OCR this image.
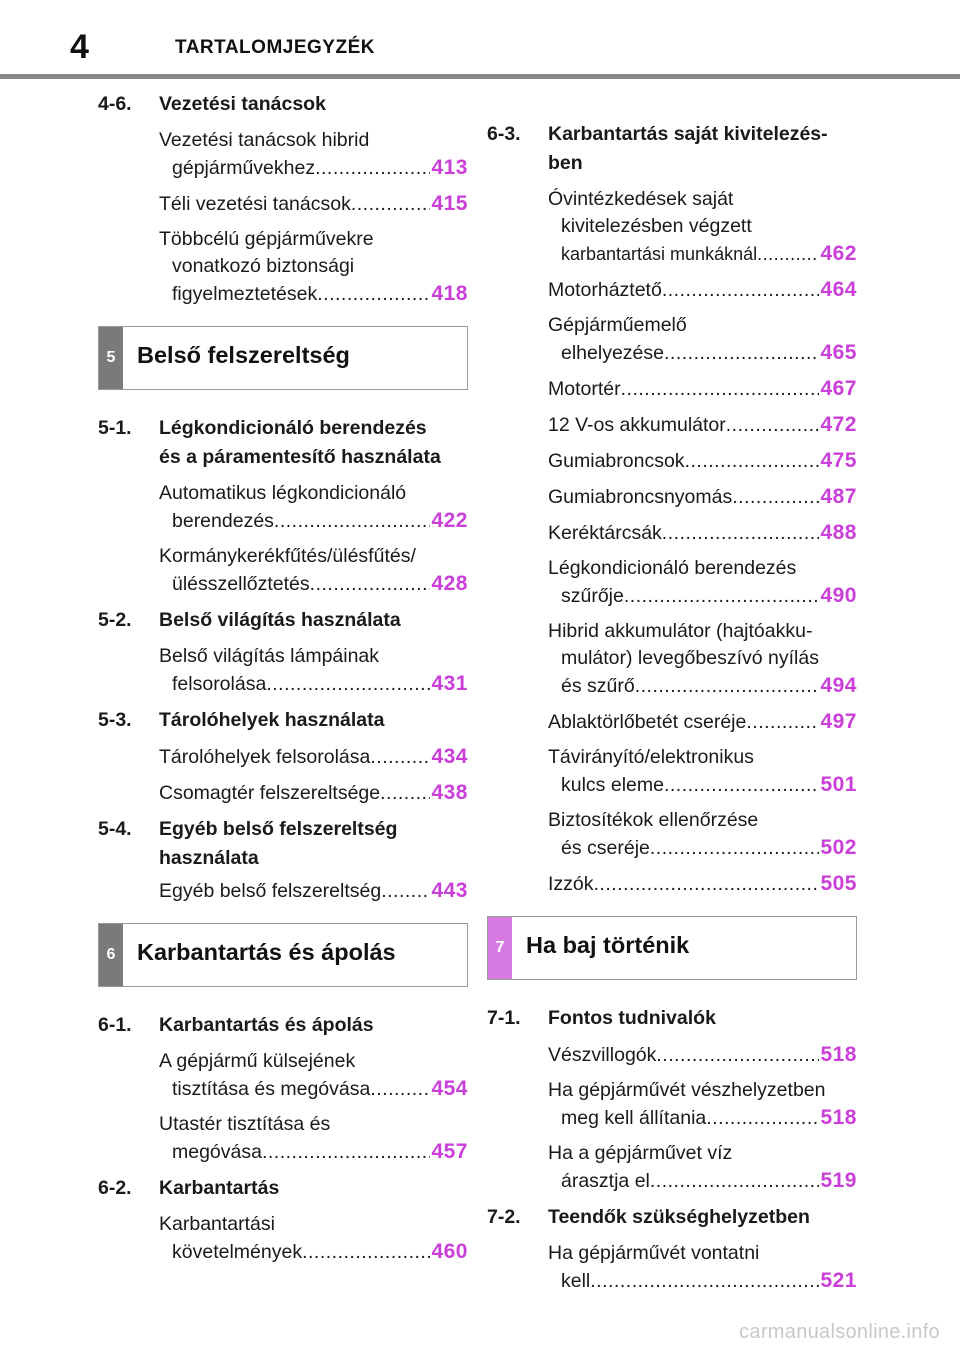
4	TARTALOMJEGYZÉK
4-6.	Vezetési tanácsok
Vezetési tanácsok hibrid
gépjárművekhez .....	413
Téli vezetési tanácsok .....	415
Többcélú gépjárművekre
vonatkozó biztonsági
figyelmeztetések .....	418
5 Belső felszereltség
5-1.	Légkondicionáló berendezés
és a páramentesítő használata
Automatikus légkondicionáló
berendezés .....	422
Kormánykerékfűtés/ülésfűtés/
ülésszellőztetés .....	428
5-2.	Belső világítás használata
Belső világítás lámpáinak
felsorolása .....	431
5-3.	Tárolóhelyek használata
Tárolóhelyek felsorolása .....	434
Csomagtér felszereltsége ..... 438
5-4.	Egyéb belső felszereltség
használata
Egyéb belső felszereltség ..... 443
6 Karbantartás és ápolás
6-1.	Karbantartás és ápolás
A gépjármű külsejének
tisztítása és megóvása .....	454
Utastér tisztítása és
megóvása .....	457
6-2.	Karbantartás
Karbantartási
követelmények .....	460
6-3.	Karbantartás saját kivitelezés-
ben
Óvintézkedések saját
kivitelezésben végzett
karbantartási munkáknál .....	462
Motorháztető .....	464
Gépjárműemelő
elhelyezése .....	465
Motortér .....	467
12 V-os akkumulátor .....	472
Gumiabroncsok .....	475
Gumiabroncsnyomás .....	487
Keréktárcsák .....	488
Légkondicionáló berendezés
szűrője .....	490
Hibrid akkumulátor (hajtóakku-
mulátor) levegőbeszívó nyílás
és szűrő .....	494
Ablaktörlőbetét cseréje .....	497
Távirányító/elektronikus
kulcs eleme .....	501
Biztosítékok ellenőrzése
és cseréje .....	502
Izzók .....	505
7 Ha baj történik
7-1.	Fontos tudnivalók
Vészvillogók .....	518
Ha gépjárművét vészhelyzetben
meg kell állítania .....	518
Ha a gépjárművet víz
árasztja el .....	519
7-2.	Teendők szükséghelyzetben
Ha gépjárművét vontatni
kell .....	521
carmanualsonline.info
